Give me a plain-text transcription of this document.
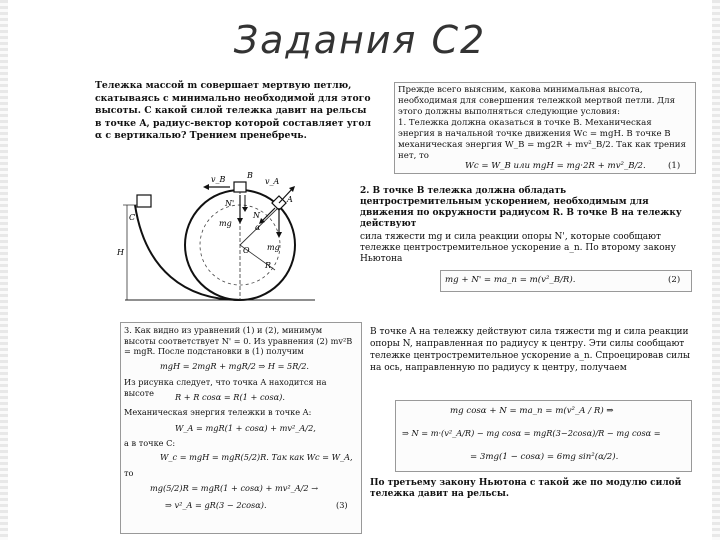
Задания С2

Тележка массой m совершает мертвую петлю, скатываясь с минимально необходимой для этого высоты. С какой силой тележка давит на рельсы в точке A, радиус-вектор которой составляет угол α с вертикалью? Трением пренебречь.

Прежде всего выясним, какова минимальная высота, необходимая для совершения тележкой мертвой петли. Для этого должны выполняться следующие условия:

1. Тележка должна оказаться в точке B. Механическая энергия в начальной точке движения Wc = mgH. В точке B механическая энергия W_B = mg2R + mv²_B/2. Так как трения нет, то

Wc = W_B или mgH = mg·2R + mv²_B/2.	(1)
v_B	B
v_A
N'
N
A
C
mg
mg
α
R
O
H

2. В точке B тележка должна обладать центростремительным ускорением, необходимым для движения по окружности радиусом R. В точке B на тележку действуют

сила тяжести mg и сила реакции опоры N', которые сообщают тележке центростремительное ускорение a_n. По второму закону Ньютона

mg + N' = ma_n = m(v²_B/R).	(2)

3. Как видно из уравнений (1) и (2), минимум высоты соответствует N' = 0. Из уравнения (2) mv²B = mgR. После подстановки в (1) получим

mgH = 2mgR + mgR/2 ⇒ H = 5R/2.

Из рисунка следует, что точка A находится на высоте	R + R cosα = R(1 + cosα).

Механическая энергия тележки в точке A:

W_A = mgR(1 + cosα) + mv²_A/2,

а в точке C:

W_c = mgH = mgR(5/2)R. Так как Wc = W_A,

то

mg(5/2)R = mgR(1 + cosα) + mv²_A/2 →
⇒ v²_A = gR(3 − 2cosα).	(3)

В точке A на тележку действуют сила тяжести mg и сила реакции опоры N, направленная по радиусу к центру. Эти силы сообщают тележке центростремительное ускорение a_n. Спроецировав силы на ось, направленную по радиусу к центру, получаем

mg cosα + N = ma_n = m(v²_A / R) ⇒
⇒ N = m·(v²_A/R) − mg cosα = mgR(3−2cosα)/R − mg cosα =
= 3mg(1 − cosα) = 6mg sin²(α/2).

По третьему закону Ньютона с такой же по модулю силой тележка давит на рельсы.
